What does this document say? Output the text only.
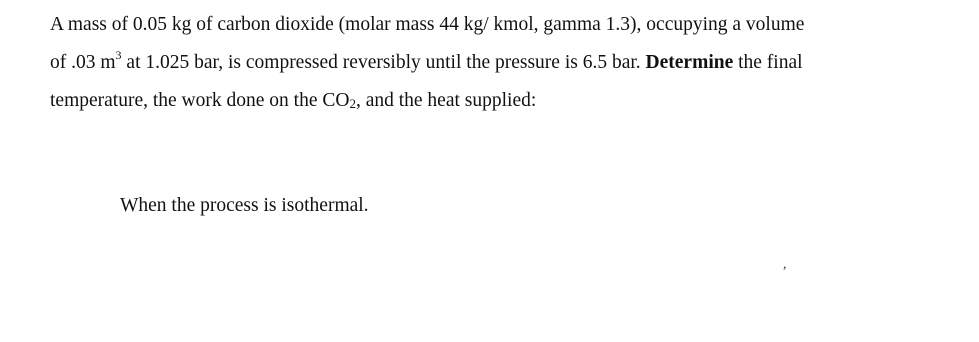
A mass of 0.05 kg of carbon dioxide (molar mass 44 kg/ kmol, gamma 1.3), occupying a volume
of .03 $m^3$ at 1.025 bar, is compressed reversibly until the pressure is 6.5 bar. Determine the final
temperature, the work done on the $CO_2$, and the heat supplied:

When the process is isothermal.

,
